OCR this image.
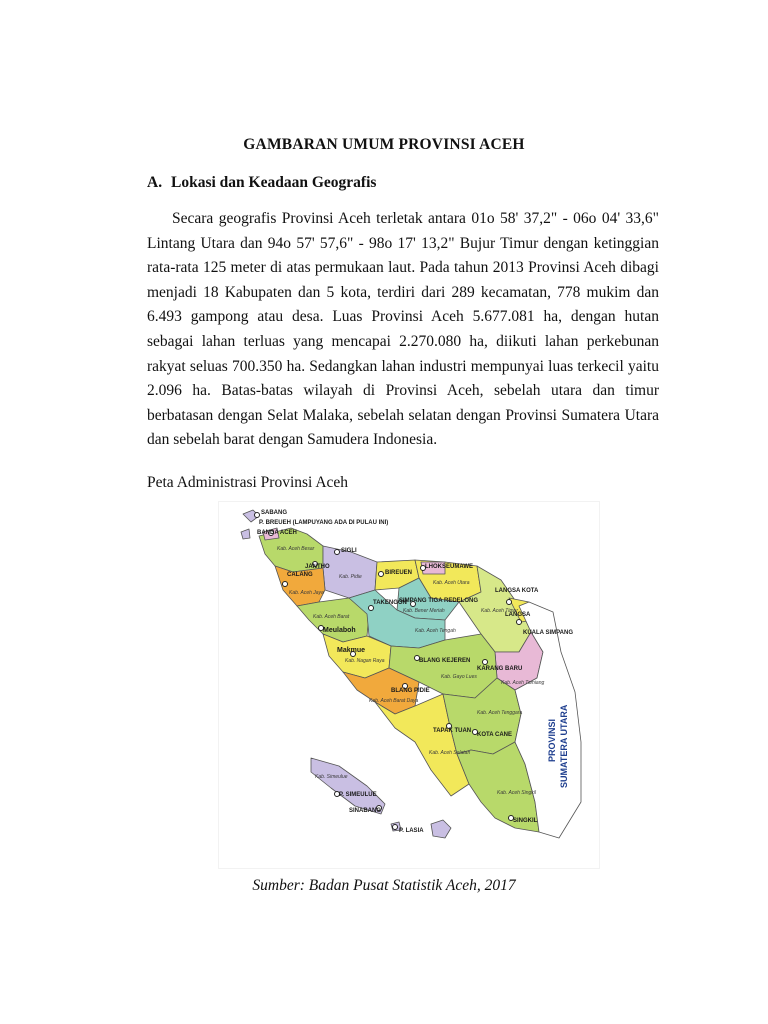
GAMBARAN UMUM PROVINSI ACEH
A. Lokasi dan Keadaan Geografis

Secara geografis Provinsi Aceh terletak antara 01o 58' 37,2" - 06o 04' 33,6" Lintang Utara dan 94o 57' 57,6" - 98o 17' 13,2" Bujur Timur dengan ketinggian rata-rata 125 meter di atas permukaan laut. Pada tahun 2013 Provinsi Aceh dibagi menjadi 18 Kabupaten dan 5 kota, terdiri dari 289 kecamatan, 778 mukim dan 6.493 gampong atau desa. Luas Provinsi Aceh 5.677.081 ha, dengan hutan sebagai lahan terluas yang mencapai 2.270.080 ha, diikuti lahan perkebunan rakyat seluas 700.350 ha. Sedangkan lahan industri mempunyai luas terkecil yaitu 2.096 ha. Batas-batas wilayah di Provinsi Aceh, sebelah utara dan timur berbatasan dengan Selat Malaka, sebelah selatan dengan Provinsi Sumatera Utara dan sebelah barat dengan Samudera Indonesia.

Peta Administrasi Provinsi Aceh
SABANG
P. BREUEH (LAMPUYANG ADA DI PULAU INI)
BANDA ACEH
SIGLI
JANTHO
CALANG	BIREUEN
LHOKSEUMAWE
LANGSA KOTA
LANGSA
TAKENGON
SIMPANG TIGA REDELONG
KUALA SIMPANG
Meulaboh
Makmue
BLANG KEJEREN
KARANG BARU
BLANG PIDIE
TAPAK TUAN
KOTA CANE
P. SIMEULUE
SINABANG
P. LASIA
SINGKIL
Kab. Aceh Besar
Kab. Pidie
Kab. Aceh Utara
Kab. Aceh Jaya
Kab. Bener Meriah	Kab. Aceh Timur
Kab. Aceh Barat
Kab. Aceh Tengah
Kab. Aceh Tamiang
Kab. Nagan Raya
Kab. Gayo Lues
Kab. Aceh Barat Daya
Kab. Aceh Tenggara
Kab. Aceh Selatan
Kab. Simeulue
Kab. Aceh Singkil
PROVINSI SUMATERA UTARA
Sumber: Badan Pusat Statistik Aceh, 2017
